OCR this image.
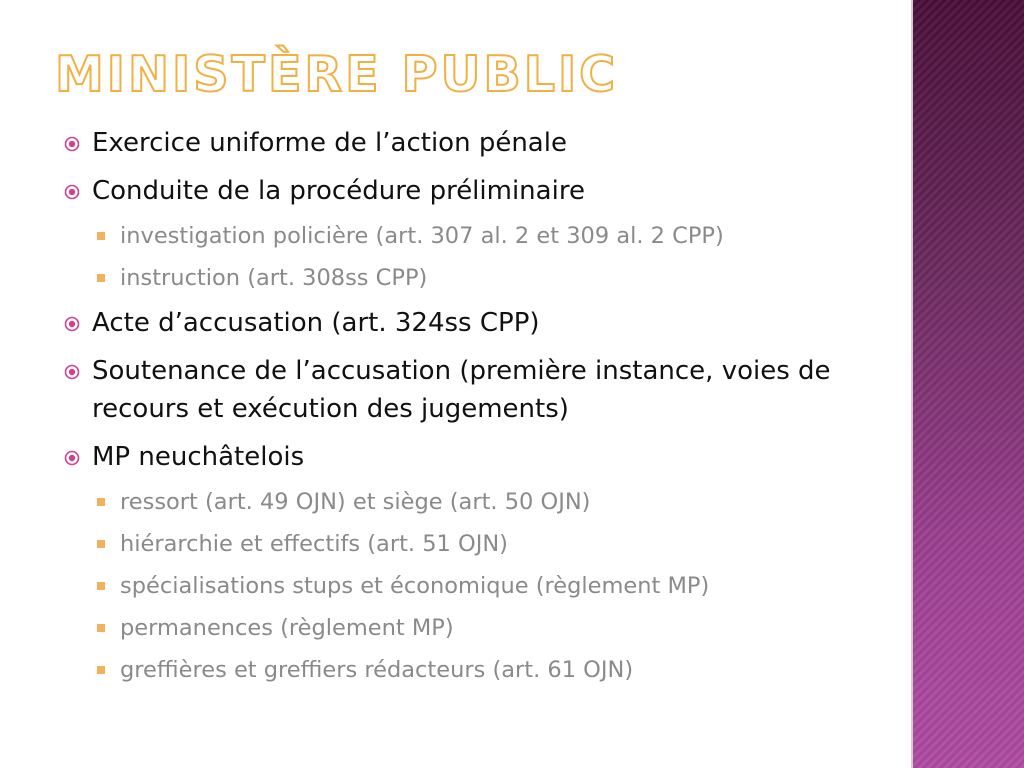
MINISTÈRE PUBLIC
Exercice uniforme de l’action pénale
Conduite de la procédure préliminaire
investigation policière (art. 307 al. 2 et 309 al. 2 CPP)
instruction (art. 308ss CPP)
Acte d’accusation (art. 324ss CPP)
Soutenance de l’accusation (première instance, voies de recours et exécution des jugements)
MP neuchâtelois
ressort (art. 49 OJN) et siège (art. 50 OJN)
hiérarchie et effectifs (art. 51 OJN)
spécialisations stups et économique (règlement MP)
permanences (règlement MP)
greffières et greffiers rédacteurs (art. 61 OJN)
